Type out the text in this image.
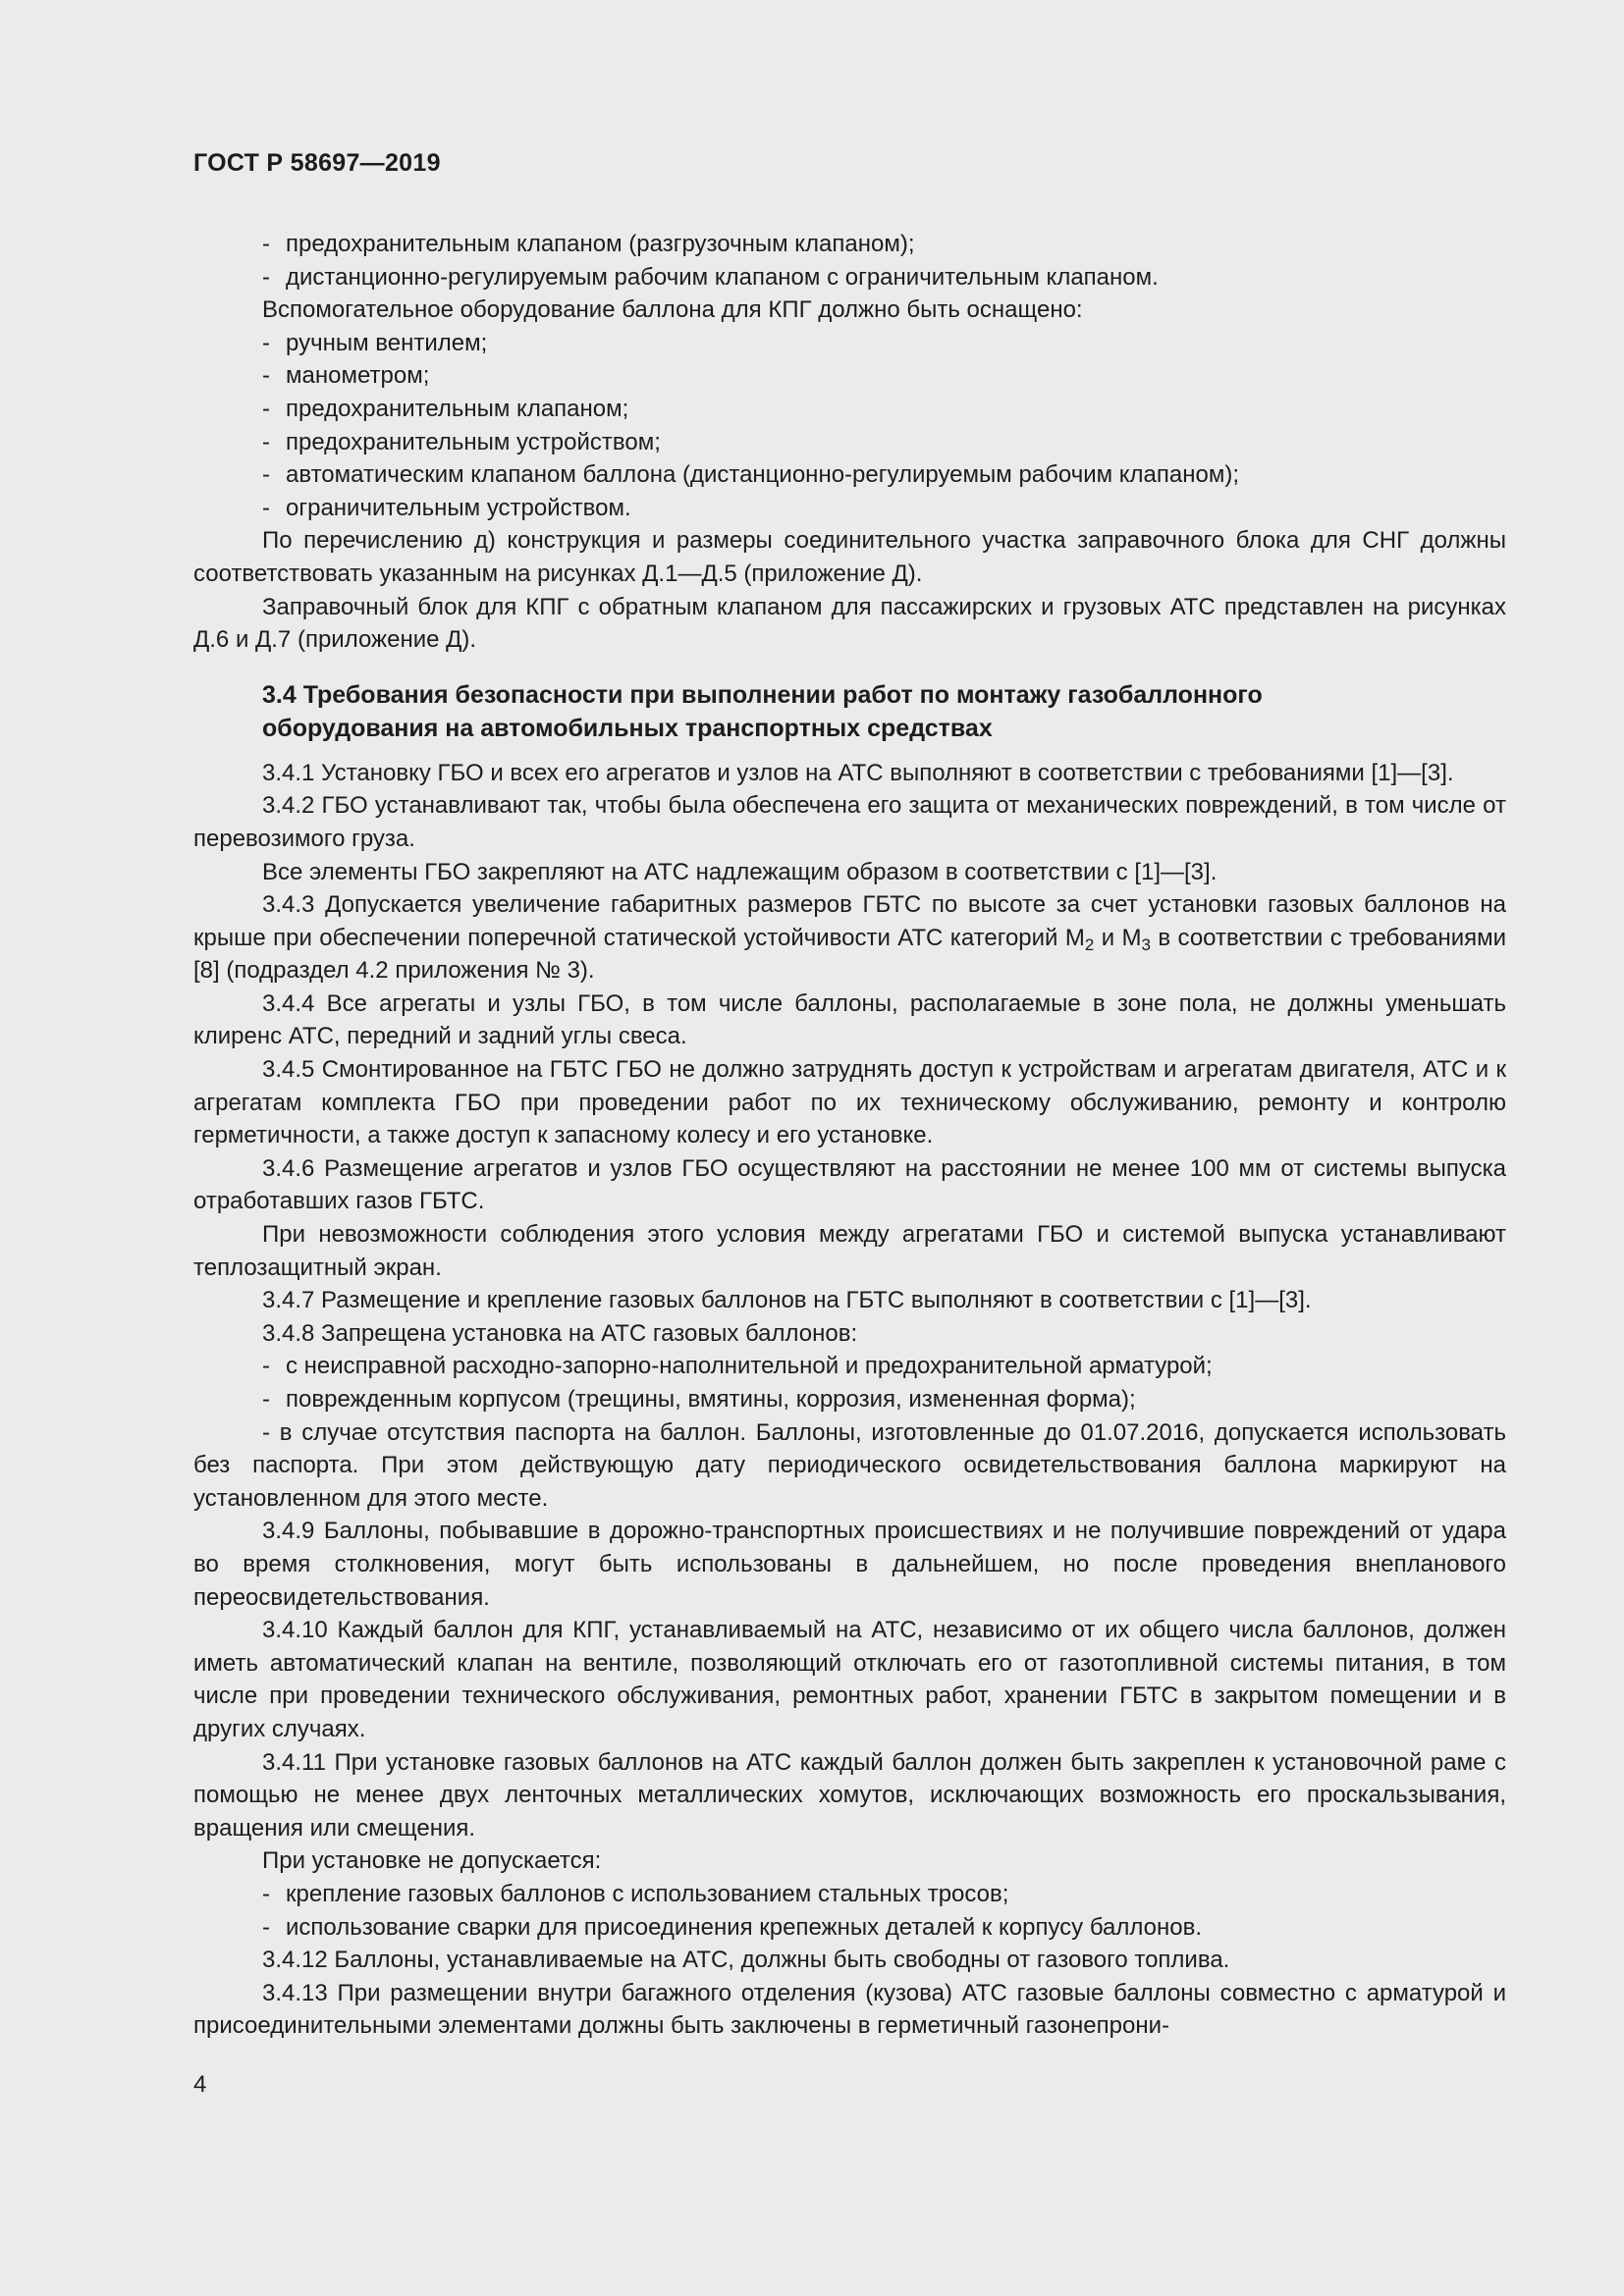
ГОСТ Р 58697—2019

- предохранительным клапаном (разгрузочным клапаном);

- дистанционно-регулируемым рабочим клапаном с ограничительным клапаном.

Вспомогательное оборудование баллона для КПГ должно быть оснащено:

- ручным вентилем;

- манометром;

- предохранительным клапаном;

- предохранительным устройством;

- автоматическим клапаном баллона (дистанционно-регулируемым рабочим клапаном);

- ограничительным устройством.

По перечислению д) конструкция и размеры соединительного участка заправочного блока для СНГ должны соответствовать указанным на рисунках Д.1—Д.5 (приложение Д).

Заправочный блок для КПГ с обратным клапаном для пассажирских и грузовых АТС представлен на рисунках Д.6 и Д.7 (приложение Д).

3.4 Требования безопасности при выполнении работ по монтажу газобаллонного
оборудования на автомобильных транспортных средствах

3.4.1 Установку ГБО и всех его агрегатов и узлов на АТС выполняют в соответствии с требованиями [1]—[3].

3.4.2 ГБО устанавливают так, чтобы была обеспечена его защита от механических повреждений, в том числе от перевозимого груза.

Все элементы ГБО закрепляют на АТС надлежащим образом в соответствии с [1]—[3].

3.4.3 Допускается увеличение габаритных размеров ГБТС по высоте за счет установки газовых баллонов на крыше при обеспечении поперечной статической устойчивости АТС категорий $M_2$ и $M_3$ в соответствии с требованиями [8] (подраздел 4.2 приложения № 3).

3.4.4 Все агрегаты и узлы ГБО, в том числе баллоны, располагаемые в зоне пола, не должны уменьшать клиренс АТС, передний и задний углы свеса.

3.4.5 Смонтированное на ГБТС ГБО не должно затруднять доступ к устройствам и агрегатам двигателя, АТС и к агрегатам комплекта ГБО при проведении работ по их техническому обслуживанию, ремонту и контролю герметичности, а также доступ к запасному колесу и его установке.

3.4.6 Размещение агрегатов и узлов ГБО осуществляют на расстоянии не менее 100 мм от системы выпуска отработавших газов ГБТС.

При невозможности соблюдения этого условия между агрегатами ГБО и системой выпуска устанавливают теплозащитный экран.

3.4.7 Размещение и крепление газовых баллонов на ГБТС выполняют в соответствии с [1]—[3].

3.4.8 Запрещена установка на АТС газовых баллонов:

- с неисправной расходно-запорно-наполнительной и предохранительной арматурой;

- поврежденным корпусом (трещины, вмятины, коррозия, измененная форма);

- в случае отсутствия паспорта на баллон. Баллоны, изготовленные до 01.07.2016, допускается использовать без паспорта. При этом действующую дату периодического освидетельствования баллона маркируют на установленном для этого месте.

3.4.9 Баллоны, побывавшие в дорожно-транспортных происшествиях и не получившие повреждений от удара во время столкновения, могут быть использованы в дальнейшем, но после проведения внепланового переосвидетельствования.

3.4.10 Каждый баллон для КПГ, устанавливаемый на АТС, независимо от их общего числа баллонов, должен иметь автоматический клапан на вентиле, позволяющий отключать его от газотопливной системы питания, в том числе при проведении технического обслуживания, ремонтных работ, хранении ГБТС в закрытом помещении и в других случаях.

3.4.11 При установке газовых баллонов на АТС каждый баллон должен быть закреплен к установочной раме с помощью не менее двух ленточных металлических хомутов, исключающих возможность его проскальзывания, вращения или смещения.

При установке не допускается:

- крепление газовых баллонов с использованием стальных тросов;

- использование сварки для присоединения крепежных деталей к корпусу баллонов.

3.4.12 Баллоны, устанавливаемые на АТС, должны быть свободны от газового топлива.

3.4.13 При размещении внутри багажного отделения (кузова) АТС газовые баллоны совместно с арматурой и присоединительными элементами должны быть заключены в герметичный газонепрони-

4
